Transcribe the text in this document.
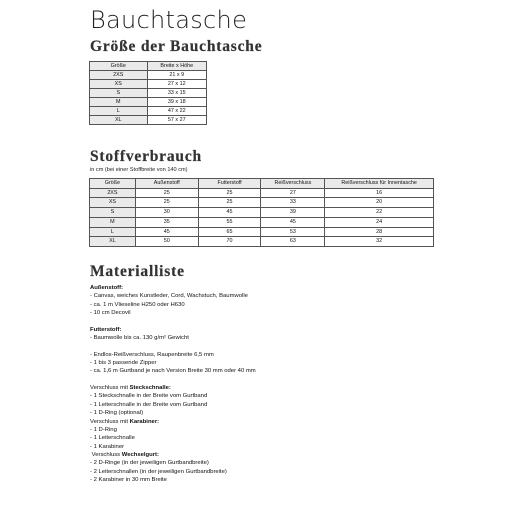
Bauchtasche
Größe der Bauchtasche
Größe	Breite x Höhe
2XS	21 x 9
XS	27 x 12
S	33 x 15
M	39 x 18
L	47 x 22
XL	57 x 27
Stoffverbrauch
in cm (bei einer Stoffbreite von 140 cm)
Größe	Außenstoff	Futterstoff	Reißverschluss	Reißverschluss für Innentasche
2XS	25	25	27	16
XS	25	25	33	20
S	30	45	39	22
M	35	55	45	24
L	45	65	53	28
XL	50	70	63	32
Materialliste
Außenstoff:
- Canvas, weiches Kunstleder, Cord, Wachstuch, Baumwolle
- ca. 1 m Vlieseline H250 oder H630
- 10 cm Decovil
Futterstoff:
- Baumwolle bis ca. 130 g/m² Gewicht
- Endlos-Reißverschluss, Raupenbreite 6,5 mm
- 1 bis 3 passende Zipper
- ca. 1,6 m Gurtband je nach Version Breite 30 mm oder 40 mm
Verschluss mit Steckschnalle:
- 1 Steckschnalle in der Breite vom Gurtband
- 1 Leiterschnalle in der Breite vom Gurtband
- 1 D-Ring (optional)
Verschluss mit Karabiner:
- 1 D-Ring
- 1 Leiterschnalle
- 1 Karabiner
Verschluss Wechselgurt:
- 2 D-Ringe (in der jeweiligen Gurtbandbreite)
- 2 Leiterschnallen (in der jeweiligen Gurtbandbreite)
- 2 Karabiner in 30 mm Breite
